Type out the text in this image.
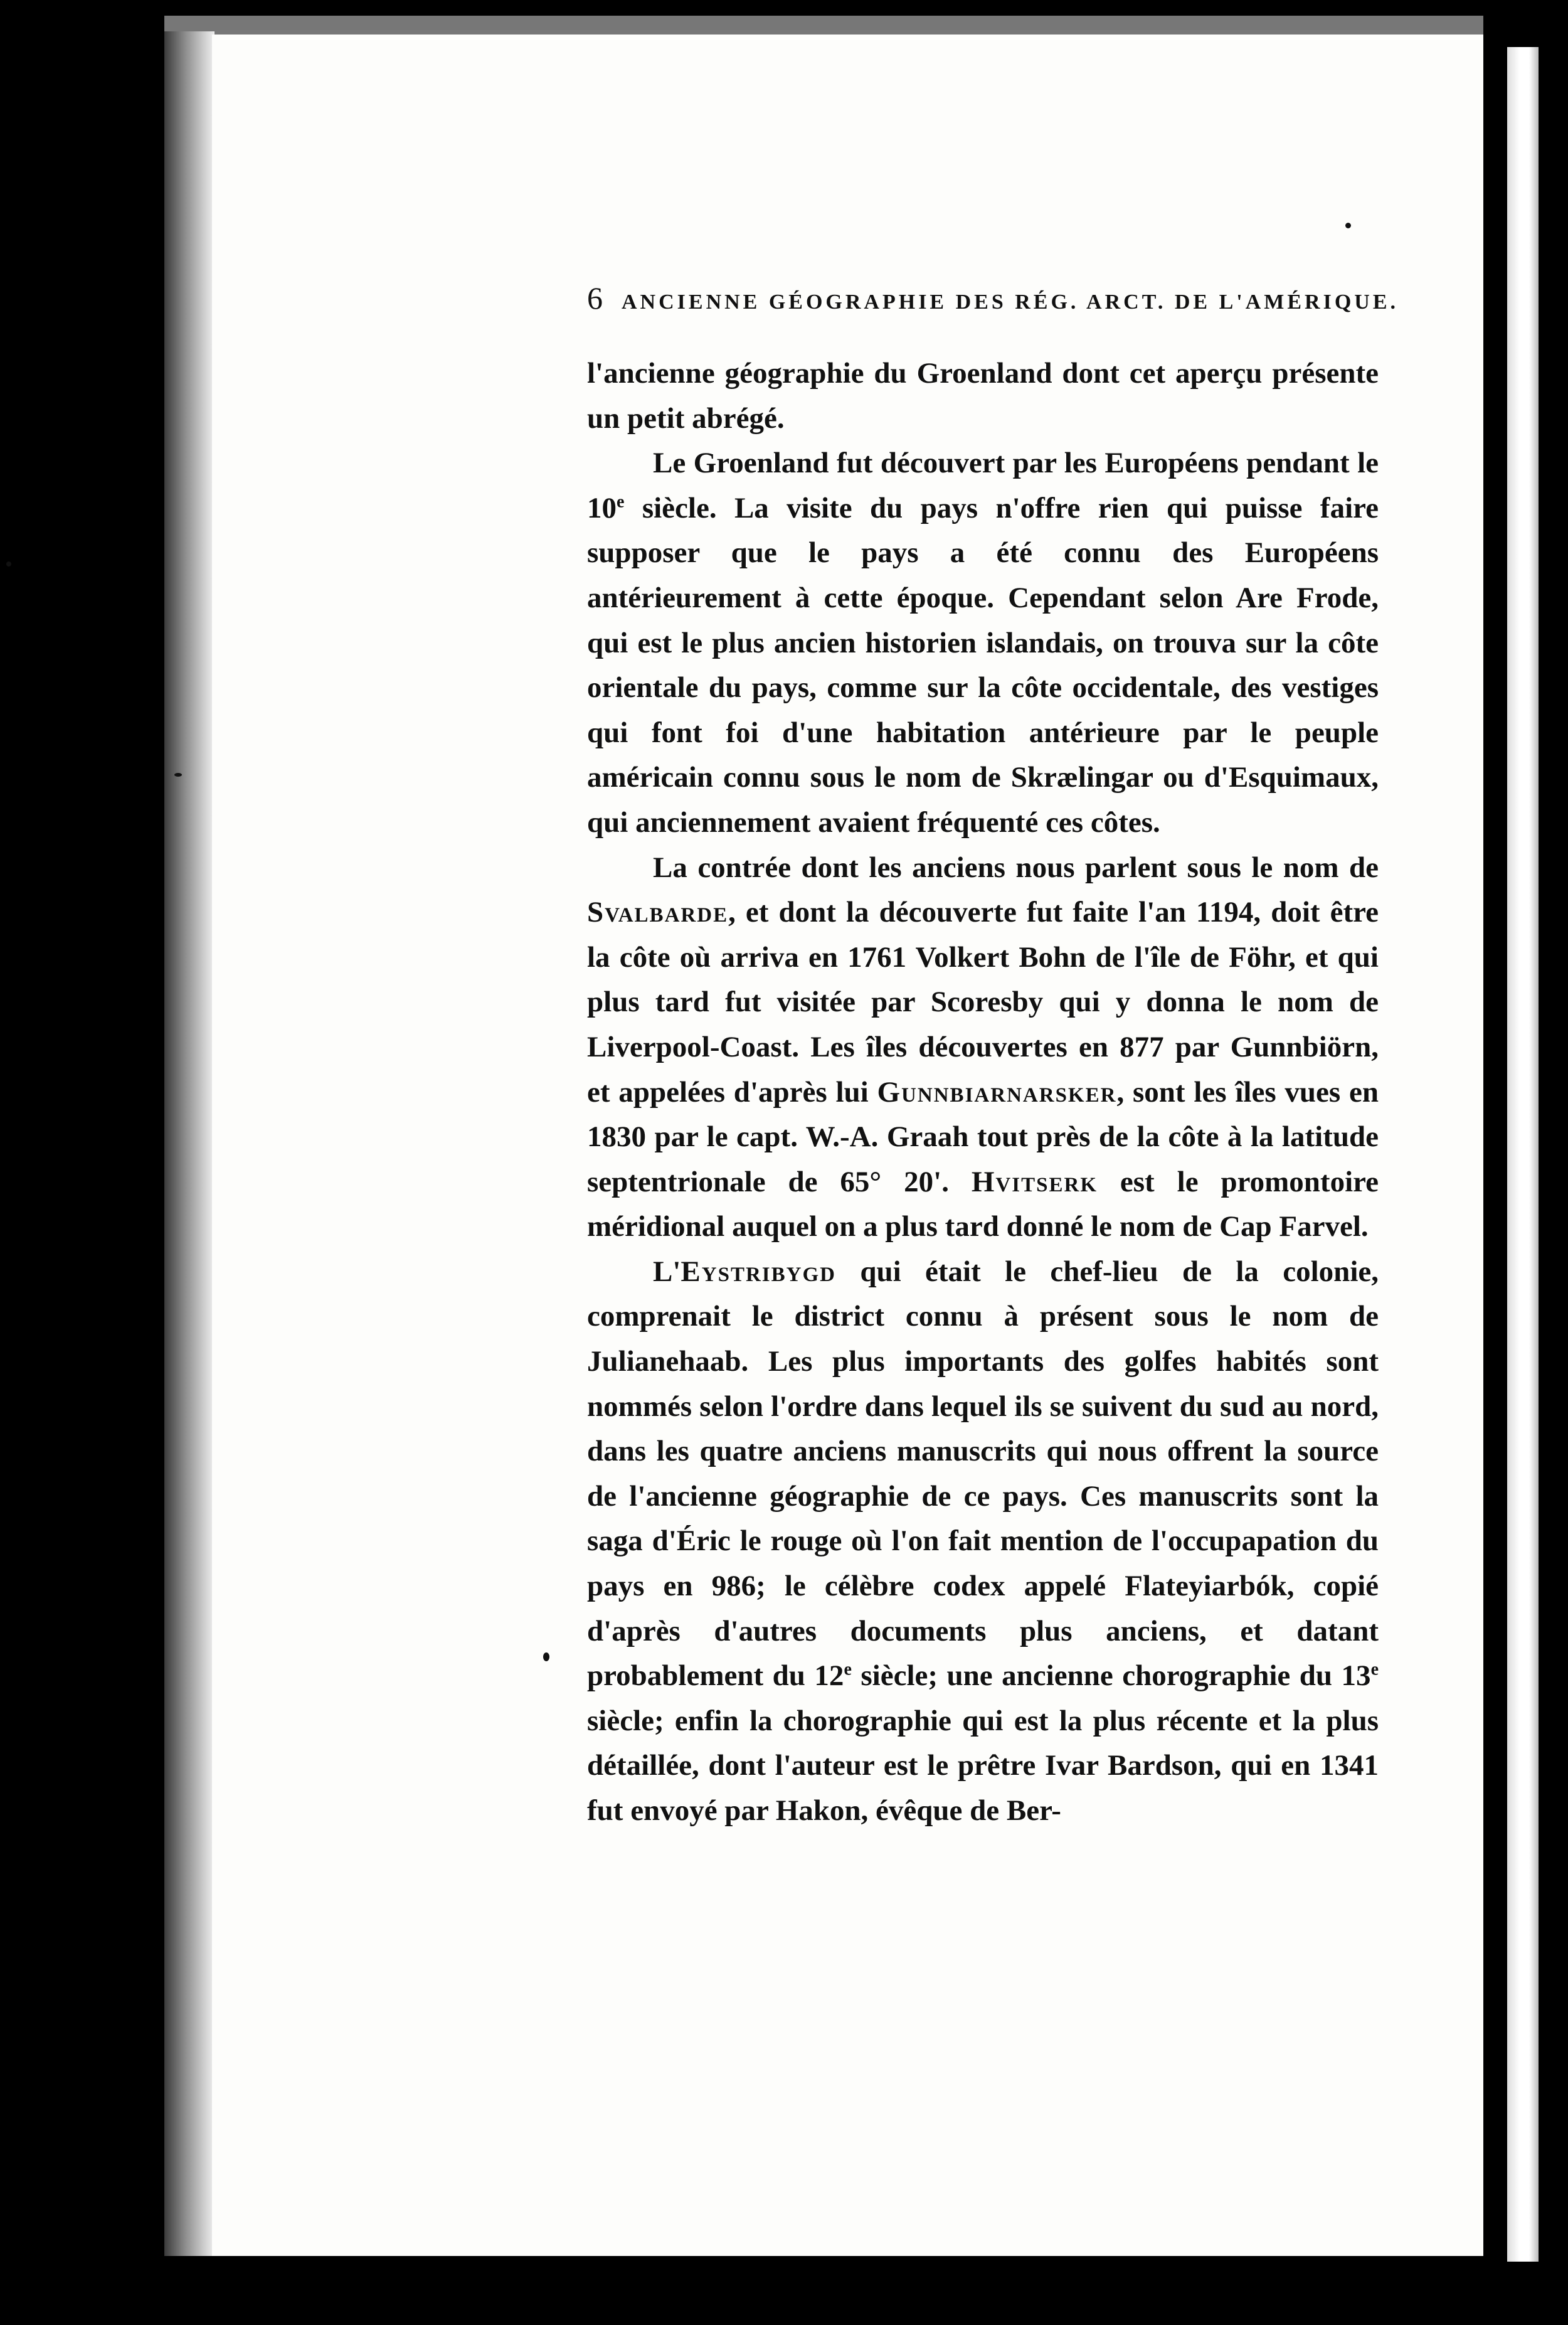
6 ANCIENNE GÉOGRAPHIE DES RÉG. ARCT. DE L'AMÉRIQUE.

l'ancienne géographie du Groenland dont cet aperçu présente un petit abrégé.

Le Groenland fut découvert par les Européens pendant le 10e siècle. La visite du pays n'offre rien qui puisse faire supposer que le pays a été connu des Européens antérieurement à cette époque. Cependant selon Are Frode, qui est le plus ancien historien islandais, on trouva sur la côte orientale du pays, comme sur la côte occidentale, des vestiges qui font foi d'une habitation antérieure par le peuple américain connu sous le nom de Skrælingar ou d'Esquimaux, qui anciennement avaient fréquenté ces côtes.

La contrée dont les anciens nous parlent sous le nom de Svalbarde, et dont la découverte fut faite l'an 1194, doit être la côte où arriva en 1761 Volkert Bohn de l'île de Föhr, et qui plus tard fut visitée par Scoresby qui y donna le nom de Liverpool-Coast. Les îles découvertes en 877 par Gunnbiörn, et appelées d'après lui Gunnbiarnarsker, sont les îles vues en 1830 par le capt. W.-A. Graah tout près de la côte à la latitude septentrionale de 65° 20'. Hvitserk est le promontoire méridional auquel on a plus tard donné le nom de Cap Farvel.

L'Eystribygd qui était le chef-lieu de la colonie, comprenait le district connu à présent sous le nom de Julianehaab. Les plus importants des golfes habités sont nommés selon l'ordre dans lequel ils se suivent du sud au nord, dans les quatre anciens manuscrits qui nous offrent la source de l'ancienne géographie de ce pays. Ces manuscrits sont la saga d'Éric le rouge où l'on fait mention de l'occupapation du pays en 986; le célèbre codex appelé Flateyiarbók, copié d'après d'autres documents plus anciens, et datant probablement du 12e siècle; une ancienne chorographie du 13e siècle; enfin la chorographie qui est la plus récente et la plus détaillée, dont l'auteur est le prêtre Ivar Bardson, qui en 1341 fut envoyé par Hakon, évêque de Ber-
